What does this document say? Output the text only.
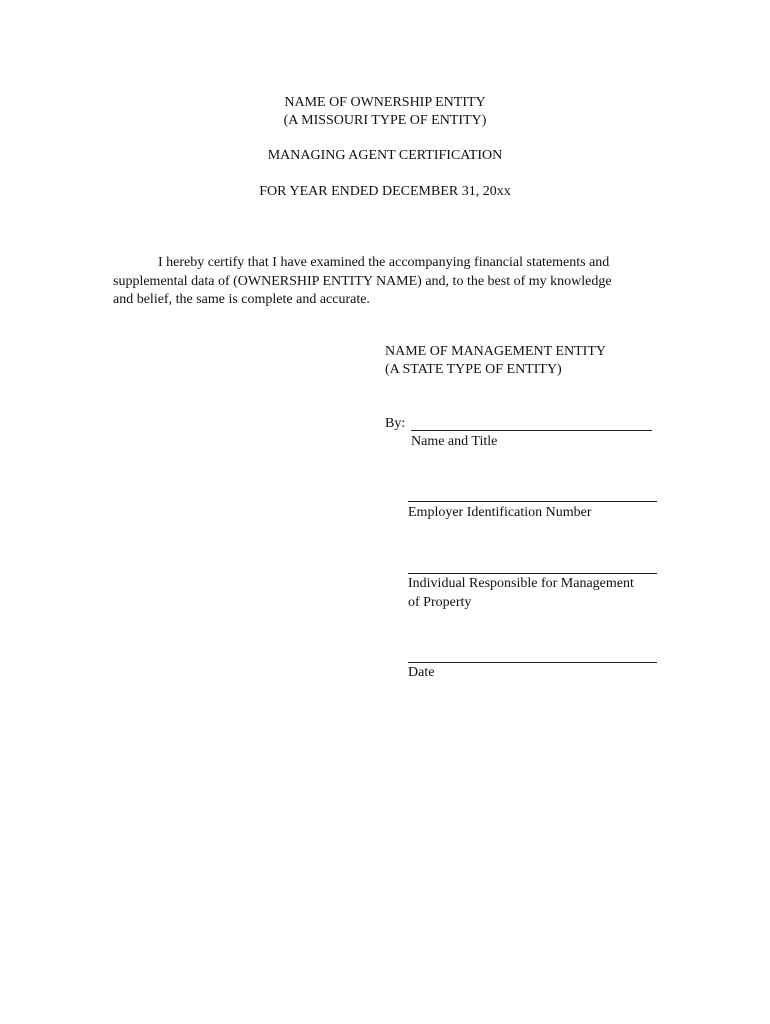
NAME OF OWNERSHIP ENTITY
(A MISSOURI TYPE OF ENTITY)
MANAGING AGENT CERTIFICATION
FOR YEAR ENDED DECEMBER 31, 20xx
I hereby certify that I have examined the accompanying financial statements and
supplemental data of (OWNERSHIP ENTITY NAME) and, to the best of my knowledge
and belief, the same is complete and accurate.
NAME OF MANAGEMENT ENTITY
(A STATE TYPE OF ENTITY)
By:
Name and Title
Employer Identification Number
Individual Responsible for Management
of Property
Date
